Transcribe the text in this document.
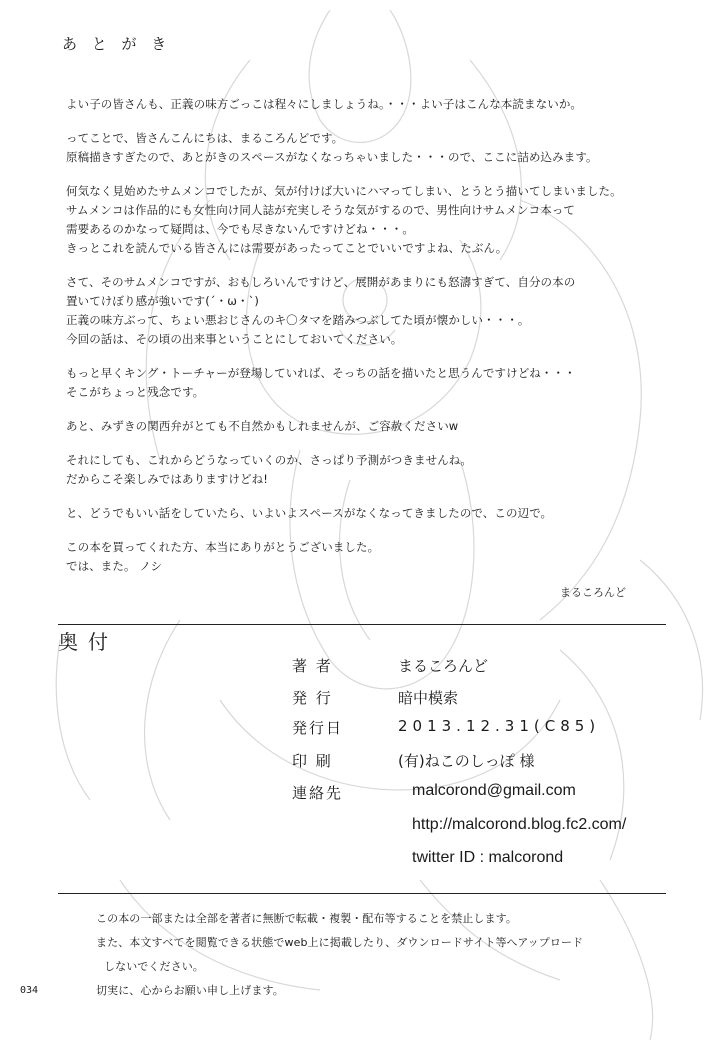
あ と が き
よい子の皆さんも、正義の味方ごっこは程々にしましょうね。・・・よい子はこんな本読まないか。
ってことで、皆さんこんにちは、まるころんどです。
原稿描きすぎたので、あとがきのスペースがなくなっちゃいました・・・ので、ここに詰め込みます。
何気なく見始めたサムメンコでしたが、気が付けば大いにハマってしまい、とうとう描いてしまいました。
サムメンコは作品的にも女性向け同人誌が充実しそうな気がするので、男性向けサムメンコ本って
需要あるのかなって疑問は、今でも尽きないんですけどね・・・。
きっとこれを読んでいる皆さんには需要があったってことでいいですよね、たぶん。
さて、そのサムメンコですが、おもしろいんですけど、展開があまりにも怒濤すぎて、自分の本の
置いてけぼり感が強いです(´・ω・`)
正義の味方ぶって、ちょい悪おじさんのキ〇タマを踏みつぶしてた頃が懐かしい・・・。
今回の話は、その頃の出来事ということにしておいてください。
もっと早くキング・トーチャーが登場していれば、そっちの話を描いたと思うんですけどね・・・
そこがちょっと残念です。
あと、みずきの関西弁がとても不自然かもしれませんが、ご容赦くださいw
それにしても、これからどうなっていくのか、さっぱり予測がつきませんね。
だからこそ楽しみではありますけどね!
と、どうでもいい話をしていたら、いよいよスペースがなくなってきましたので、この辺で。
この本を買ってくれた方、本当にありがとうございました。
では、また。 ノシ
まるころんど
奥付
著 者	まるころんど
発 行	暗中模索
発行日	2013.12.31(C85)
印 刷	(有)ねこのしっぽ 様
連絡先	malcorond@gmail.com
http://malcorond.blog.fc2.com/
twitter ID : malcorond
この本の一部または全部を著者に無断で転載・複製・配布等することを禁止します。
また、本文すべてを閲覧できる状態でweb上に掲載したり、ダウンロードサイト等へアップロード
しないでください。
切実に、心からお願い申し上げます。
034
